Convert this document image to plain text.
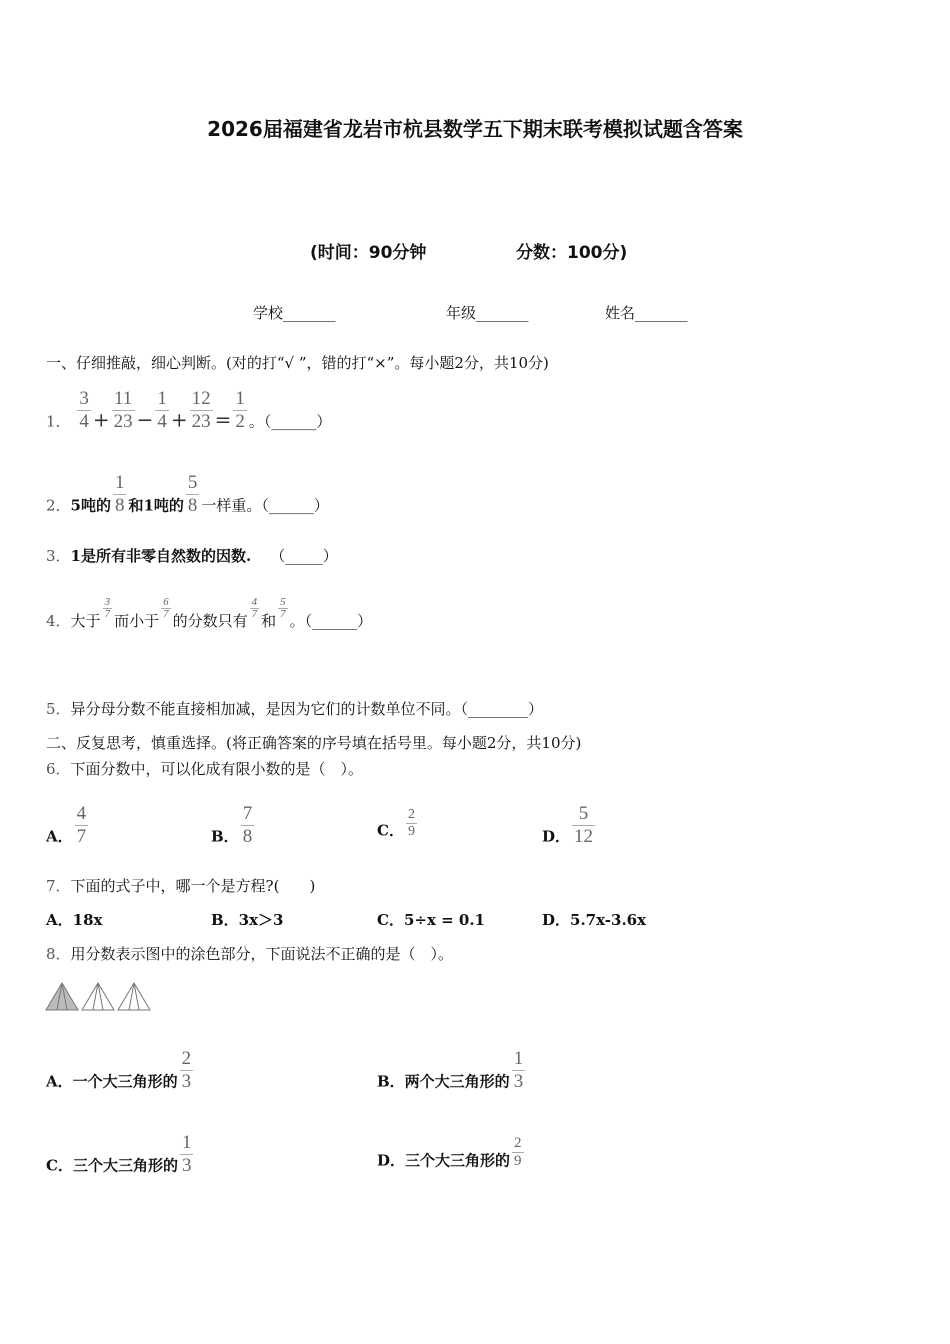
2026届福建省龙岩市杭县数学五下期末联考模拟试题含答案
(时间：90分钟	分数：100分)
学校_______	年级_______	姓名_______
一、仔细推敲，细心判断。(对的打“√ ”，错的打“×”。每小题2分，共10分)
1． $\frac{3}{4} + \frac{11}{23} - \frac{1}{4} + \frac{12}{23} = \frac{1}{2}$ 。（______）
2．5吨的 $\frac{1}{8}$ 和1吨的 $\frac{5}{8}$ 一样重。（______）
3．1是所有非零自然数的因数. （_____）
4．大于
$\frac{3}{7}$
而小于
$\frac{6}{7}$
的分数只有
$\frac{4}{7}$
和
$\frac{5}{7}$
。（______）
5．异分母分数不能直接相加减，是因为它们的计数单位不同。（________）
二、反复思考，慎重选择。(将正确答案的序号填在括号里。每小题2分，共10分)
6．下面分数中，可以化成有限小数的是（　）。
A． $\frac{4}{7}$	B． $\frac{7}{8}$	C． $\frac{2}{9}$	D． $\frac{5}{12}$
7．下面的式子中，哪一个是方程?(　　)
A．18x	B．3x＞3	C．5÷x = 0.1	D．5.7x-3.6x
8．用分数表示图中的涂色部分，下面说法不正确的是（　）。
A．一个大三角形的 $\frac{2}{3}$	B．两个大三角形的 $\frac{1}{3}$
C．三个大三角形的 $\frac{1}{3}$	D．三个大三角形的 $\frac{2}{9}$
